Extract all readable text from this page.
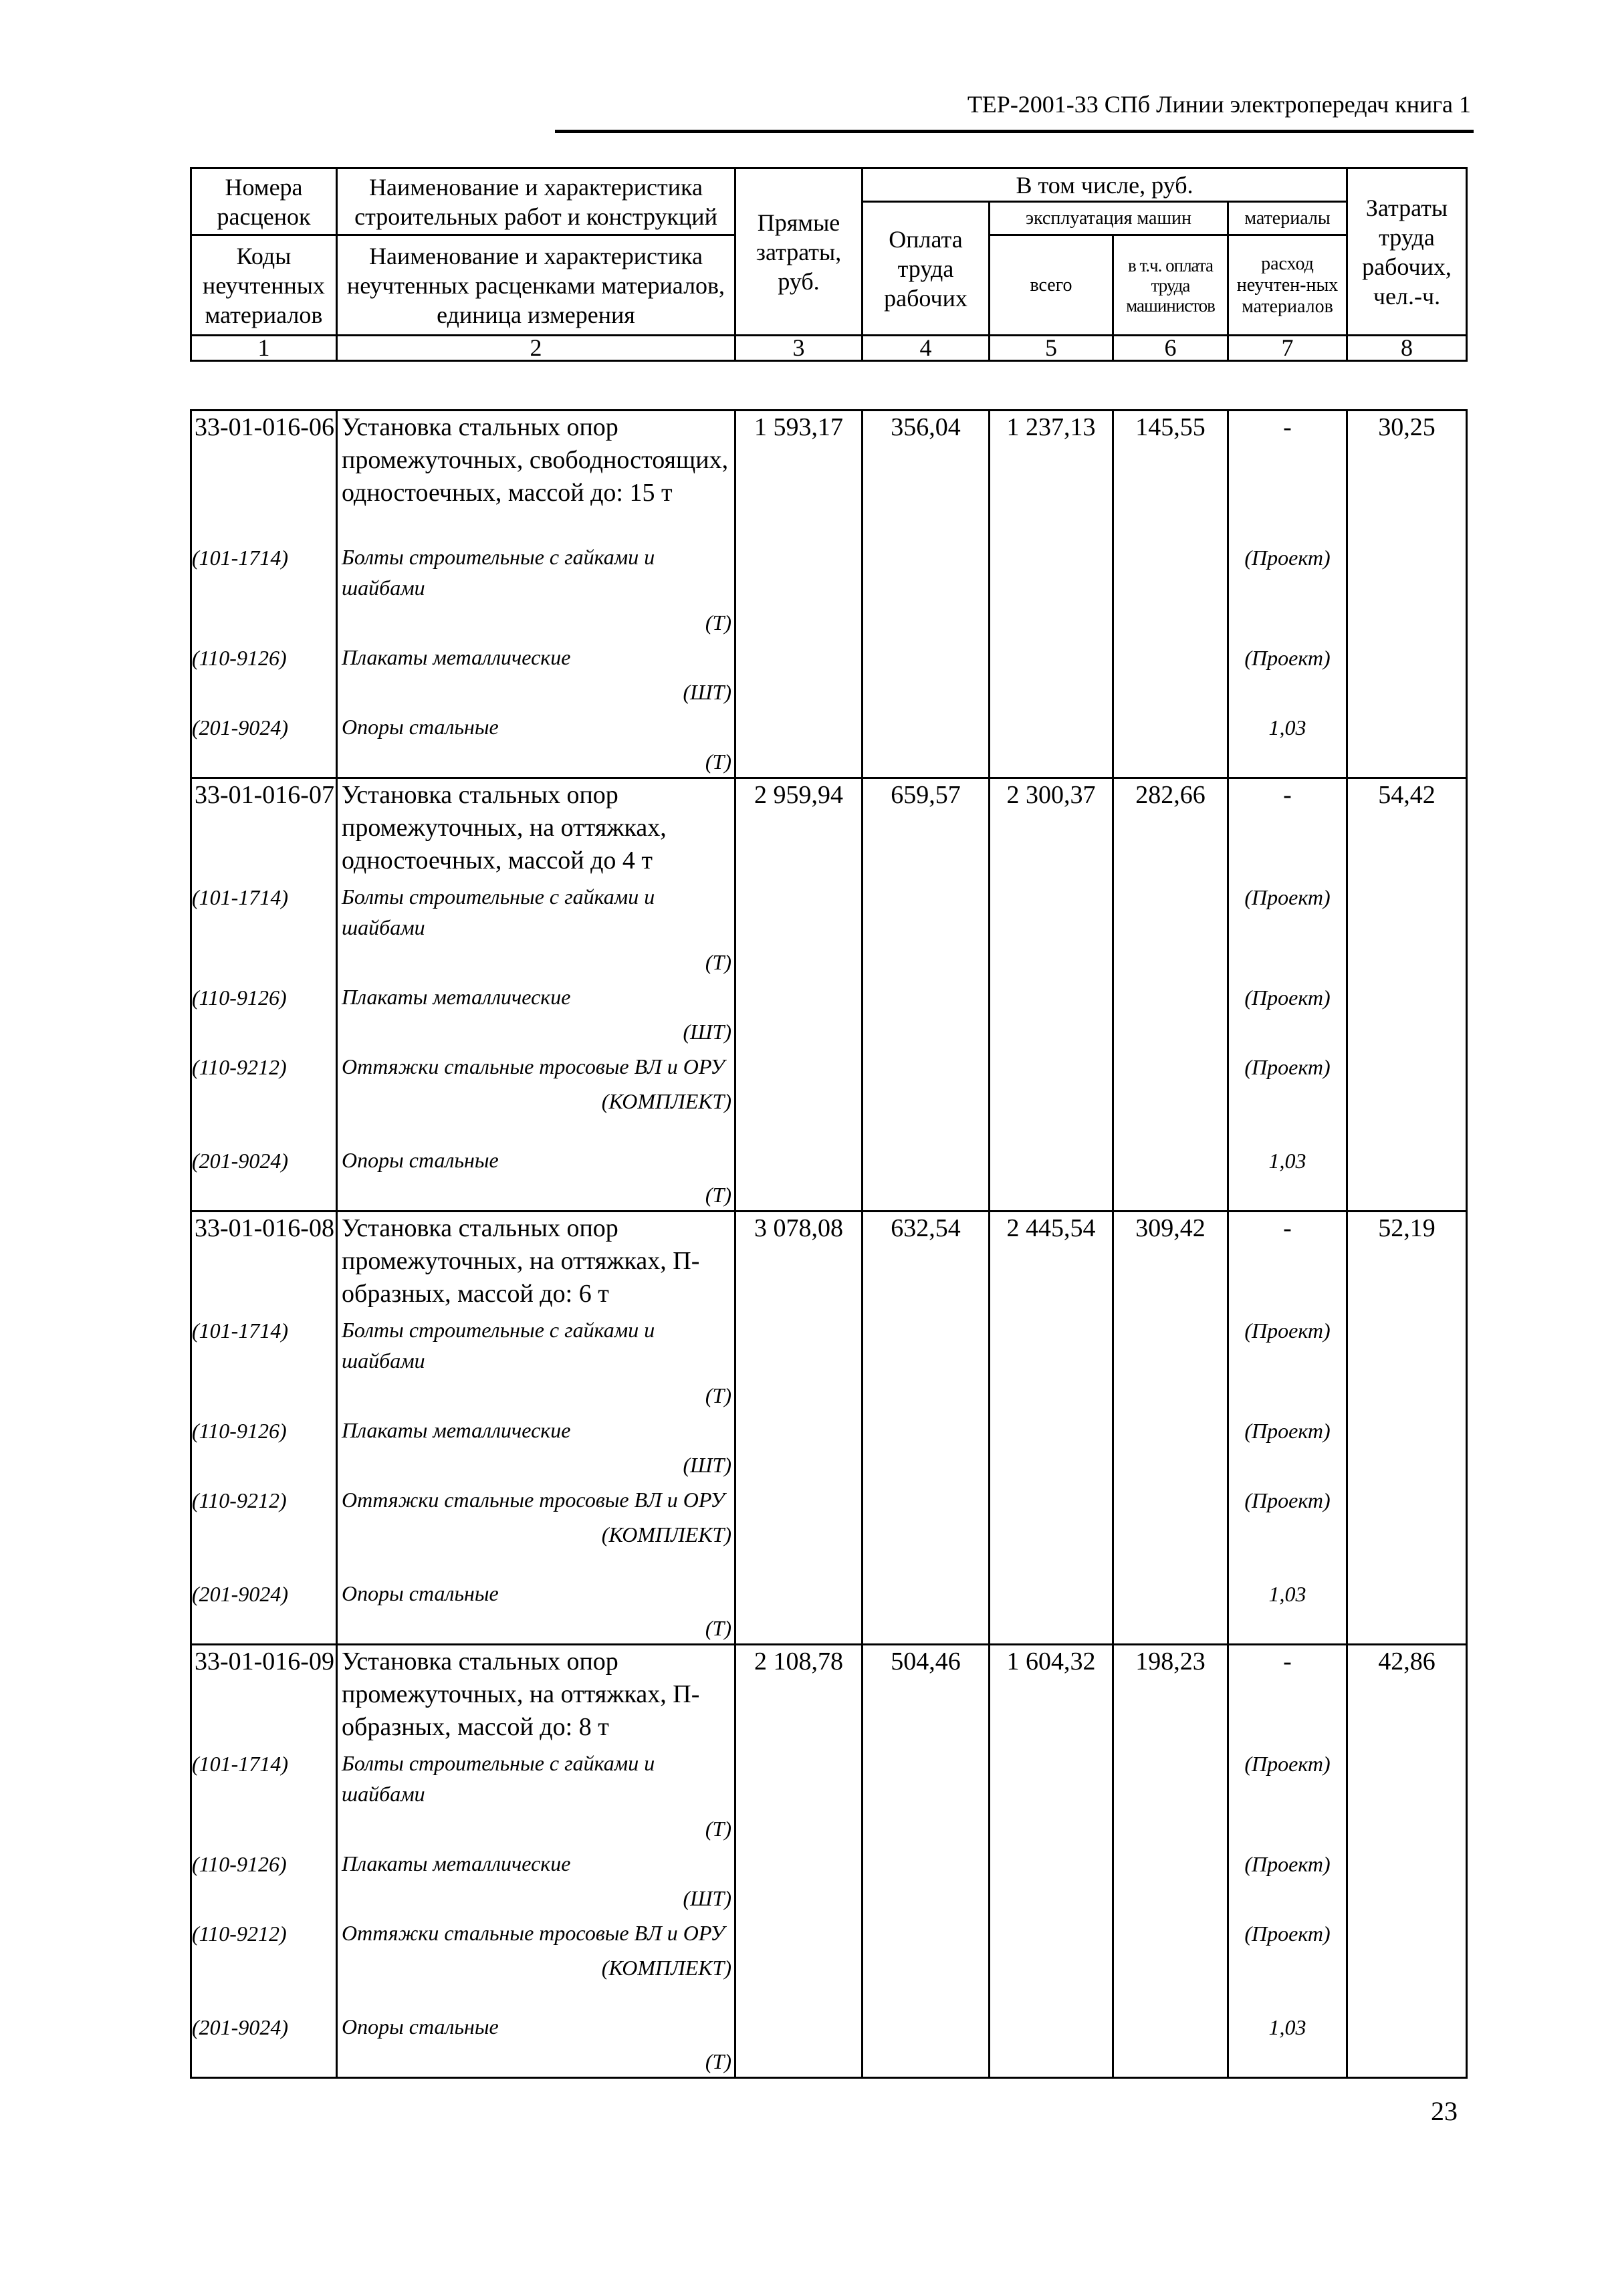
ТЕР-2001-33 СПб Линии электропередач книга 1
Номера расценок	Наименование и характеристика строительных работ и конструкций	Прямые затраты, руб.	В том числе, руб.				Затраты труда рабочих, чел.-ч.
			Оплата труда рабочих	эксплуатация машин		материалы	
Коды неучтенных материалов	Наименование и характеристика неучтенных расценками материалов, единица измерения			всего	в т.ч. оплата труда машинистов	расход неучтен-ных материалов	

1	2	3	4	5	6	7	8
33-01-016-06	Установка стальных опор промежуточных, свободностоящих, одностоечных, массой до: 15 т	1 593,17	356,04	1 237,13	145,55	-	30,25
(101-1714)	Болты строительные с гайками и шайбами
(Т)					(Проект)	
(110-9126)	Плакаты металлические
(ШТ)					(Проект)	
(201-9024)	Опоры стальные
(Т)					1,03	
33-01-016-07	Установка стальных опор промежуточных, на оттяжках, одностоечных, массой до 4 т	2 959,94	659,57	2 300,37	282,66	-	54,42
(101-1714)	Болты строительные с гайками и шайбами
(Т)					(Проект)	
(110-9126)	Плакаты металлические
(ШТ)					(Проект)	
(110-9212)	Оттяжки стальные тросовые ВЛ и ОРУ
(КОМПЛЕКТ)					(Проект)	
(201-9024)	Опоры стальные
(Т)					1,03	
33-01-016-08	Установка стальных опор промежуточных, на оттяжках, П-образных, массой до: 6 т	3 078,08	632,54	2 445,54	309,42	-	52,19
(101-1714)	Болты строительные с гайками и шайбами
(Т)					(Проект)	
(110-9126)	Плакаты металлические
(ШТ)					(Проект)	
(110-9212)	Оттяжки стальные тросовые ВЛ и ОРУ
(КОМПЛЕКТ)					(Проект)	
(201-9024)	Опоры стальные
(Т)					1,03	
33-01-016-09	Установка стальных опор промежуточных, на оттяжках, П-образных, массой до: 8 т	2 108,78	504,46	1 604,32	198,23	-	42,86
(101-1714)	Болты строительные с гайками и шайбами
(Т)					(Проект)	
(110-9126)	Плакаты металлические
(ШТ)					(Проект)	
(110-9212)	Оттяжки стальные тросовые ВЛ и ОРУ
(КОМПЛЕКТ)					(Проект)	
(201-9024)	Опоры стальные
(Т)					1,03	
23
